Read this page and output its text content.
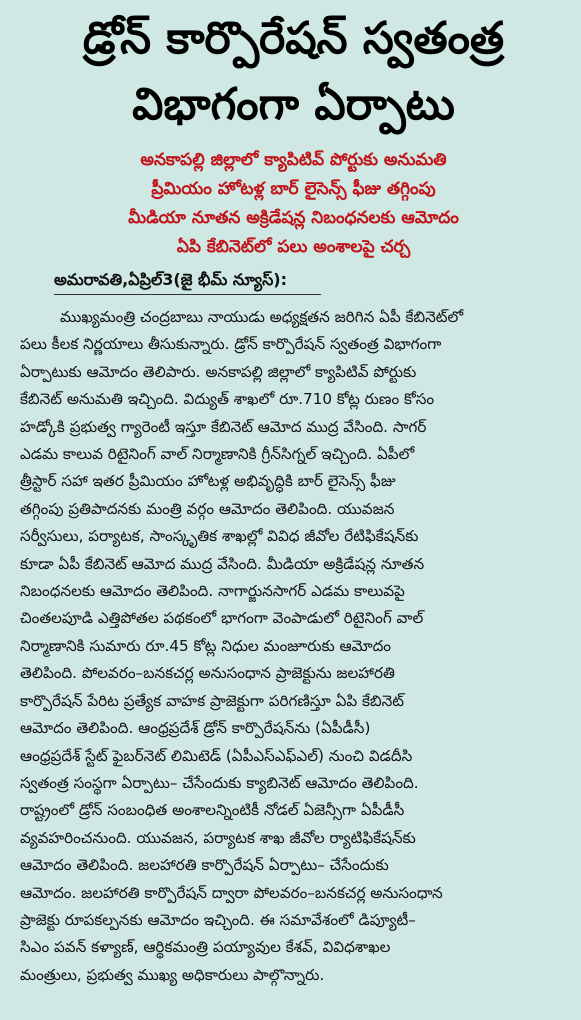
డ్రోన్ కార్పొరేషన్ స్వతంత్ర
విభాగంగా ఏర్పాటు
అనకాపల్లి జిల్లాలో క్యాపిటివ్ పోర్టుకు అనుమతి
ప్రీమియం హోటళ్ల బార్ లైసెన్స్ ఫీజు తగ్గింపు
మీడియా నూతన అక్రిడేషన్ల నిబంధనలకు ఆమోదం
ఏపి కేబినెట్‌లో పలు అంశాలపై చర్చ
అమరావతి,ఏప్రిల్3(జై భీమ్ న్యూస్):
ముఖ్యమంత్రి చంద్రబాబు నాయుడు అధ్యక్షతన జరిగిన ఏపీ కేబినెట్‌లో
పలు కీలక నిర్ణయాలు తీసుకున్నారు. డ్రోన్ కార్పొరేషన్ స్వతంత్ర విభాగంగా
ఏర్పాటుకు ఆమోదం తెలిపారు. అనకాపల్లి జిల్లాలో క్యాపిటివ్ పోర్టుకు
కేబినెట్ అనుమతి ఇచ్చింది. విద్యుత్ శాఖలో రూ.710 కోట్ల రుణం కోసం
హడ్కోకి ప్రభుత్వ గ్యారెంటీ ఇస్తూ కేబినెట్ ఆమోద ముద్ర వేసింది. సాగర్
ఎడమ కాలువ రిటైనింగ్ వాల్ నిర్మాణానికి గ్రీన్‌సిగ్నల్ ఇచ్చింది. ఏపీలో
త్రీస్టార్ సహా ఇతర ప్రీమియం హోటళ్ల అభివృద్ధికి బార్ లైసెన్స్ ఫీజు
తగ్గింపు ప్రతిపాదనకు మంత్రి వర్గం ఆమోదం తెలిపింది. యువజన
సర్వీసులు, పర్యాటక, సాంస్కృతిక శాఖల్లో వివిధ జీవోల రేటిఫికేషన్‌కు
కూడా ఏపీ కేబినెట్ ఆమోద ముద్ర వేసింది. మీడియా అక్రిడేషన్ల నూతన
నిబంధనలకు ఆమోదం తెలిపింది. నాగార్జునసాగర్ ఎడమ కాలువపై
చింతలపూడి ఎత్తిపోతల పథకంలో భాగంగా వెంపాడులో రిటైనింగ్ వాల్
నిర్మాణానికి సుమారు రూ.45 కోట్ల నిధుల మంజూరుకు ఆమోదం
తెలిపింది. పోలవరం–బనకచర్ల అనుసంధాన ప్రాజెక్టును జలహారతి
కార్పొరేషన్ పేరిట ప్రత్యేక వాహక ప్రాజెక్టుగా పరిగణిస్తూ ఏపి కేబినెట్
ఆమోదం తెలిపింది. ఆంధ్రప్రదేశ్ డ్రోన్ కార్పొరేషన్‌ను (ఏపీడీసీ)
ఆంధ్రప్రదేశ్ స్టేట్ ఫైబర్‌నెట్ లిమిటెడ్ (ఏపీఎస్ఎఫ్ఎల్) నుంచి విడదీసి
స్వతంత్ర సంస్థగా ఏర్పాటు– చేసేందుకు క్యాబినెట్ ఆమోదం తెలిపింది.
రాష్ట్రంలో డ్రోన్ సంబంధిత అంశాలన్నింటికీ నోడల్ ఏజెన్సీగా ఏపీడీసీ
వ్యవహరించనుంది. యువజన, పర్యాటక శాఖ జీవోల ర్యాటిఫికేషన్‌కు
ఆమోదం తెలిపింది. జలహారతి కార్పొరేషన్ ఏర్పాటు– చేసేందుకు
ఆమోదం. జలహారతి కార్పొరేషన్ ద్వారా పోలవరం–బనకచర్ల అనుసంధాన
ప్రాజెక్టు రూపకల్పనకు ఆమోదం ఇచ్చింది. ఈ సమావేశంలో డిప్యూటీ–
సిఎం పవన్ కళ్యాణ్, ఆర్థికమంత్రి పయ్యావుల కేశవ్, వివిధశాఖల
మంత్రులు, ప్రభుత్వ ముఖ్య అధికారులు పాల్గొన్నారు.
